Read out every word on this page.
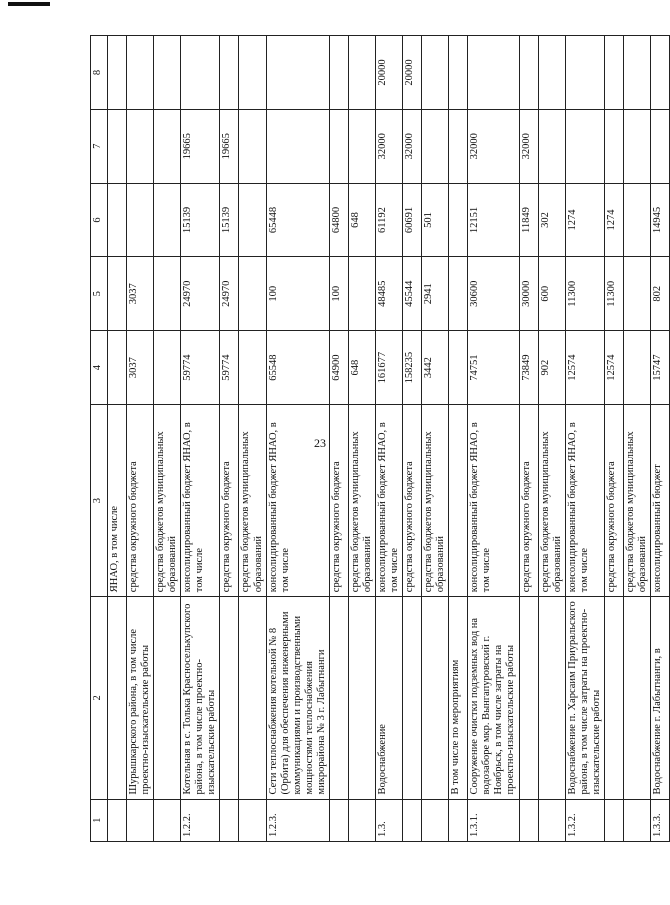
23
1	2	3	4	5	6	7	8
		ЯНАО, в том числе					
	Шурышкарского района, в том числе проектно-изыскательские работы	средства окружного бюджета	3037	3037			
		средства бюджетов муниципальных образований					
1.2.2.	Котельная в с. Толька Красноселькупского района, в том числе проектно-изыскательские работы	консолидированный бюджет ЯНАО, в том числе	59774	24970	15139	19665	
		средства окружного бюджета	59774	24970	15139	19665	
		средства бюджетов муниципальных образований					
1.2.3.	Сети теплоснабжения котельной № 8 (Орбита) для обеспечения инженерными коммуникациями и производственными мощностями теплоснабжения микрорайона № 3 г. Лабытнанги	консолидированный бюджет ЯНАО, в том числе	65548	100	65448		
		средства окружного бюджета	64900	100	64800		
		средства бюджетов муниципальных образований	648		648		
1.3.	Водоснабжение	консолидированный бюджет ЯНАО, в том числе	161677	48485	61192	32000	20000
		средства окружного бюджета	158235	45544	60691	32000	20000
		средства бюджетов муниципальных образований	3442	2941	501		
	В том числе по мероприятиям						
1.3.1.	Сооружение очистки подземных вод на водозаборе мкр. Вынгапуровский г. Ноябрьск, в том числе затраты на проектно-изыскательские работы	консолидированный бюджет ЯНАО, в том числе	74751	30600	12151	32000	
		средства окружного бюджета	73849	30000	11849	32000	
		средства бюджетов муниципальных образований	902	600	302		
1.3.2.	Водоснабжение п. Харсаим Приуральского района, в том числе затраты на проектно-изыскательские работы	консолидированный бюджет ЯНАО, в том числе	12574	11300	1274		
		средства окружного бюджета	12574	11300	1274		
		средства бюджетов муниципальных образований					
1.3.3.	Водоснабжение г. Лабытнанги, в	консолидированный бюджет	15747	802	14945		
